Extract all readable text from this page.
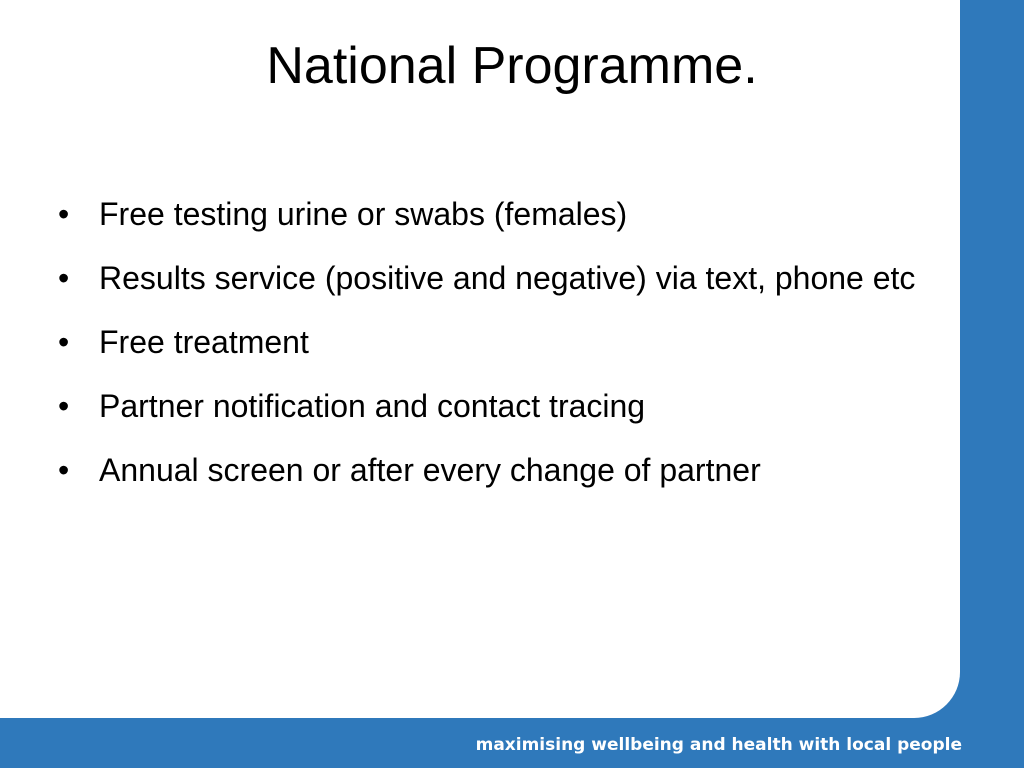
National Programme.
• Free testing urine or swabs (females)
• Results service (positive and negative) via text, phone etc
• Free treatment
• Partner notification and contact tracing
• Annual screen or after every change of partner
maximising wellbeing and health with local people
